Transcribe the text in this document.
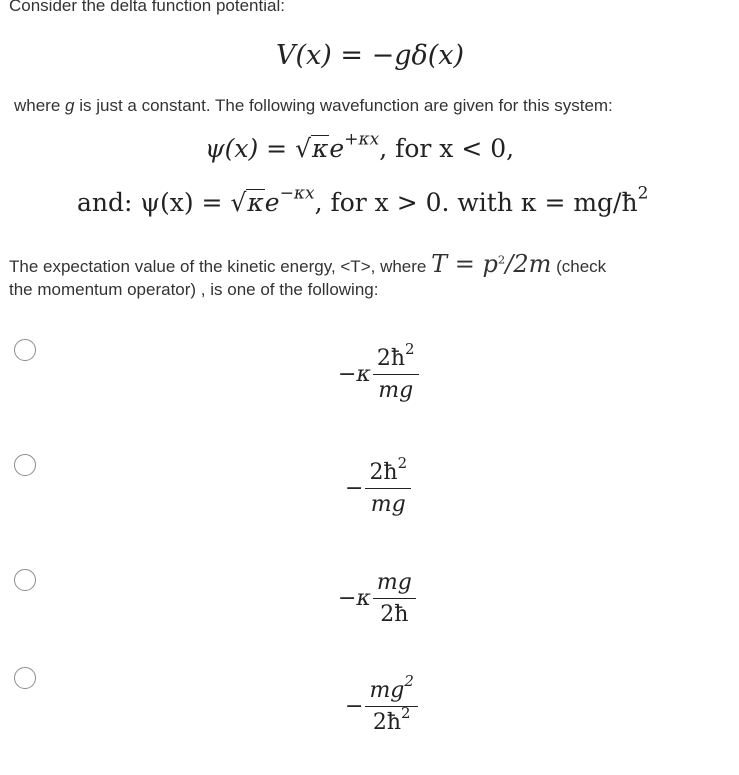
Consider the delta function potential:
V(x) = −gδ(x)
where g is just a constant. The following wavefunction are given for this system:
$\psi(x) = √\kappa e^{+\kappa x}$, for x < 0,
and: $\psi(x) = √\kappa e^{-\kappa x}$, for x > 0. with $\kappa = mg/ħ^2$
The expectation value of the kinetic energy, <T>, where $T = p^2/2m$ (check
the momentum operator) , is one of the following:
$-\kappa \frac{2ħ^2}{mg}$
− $\frac{2ħ^2}{mg}$
$-\kappa \frac{mg}{2ħ}$
− $\frac{mg^2}{2ħ^2}$
